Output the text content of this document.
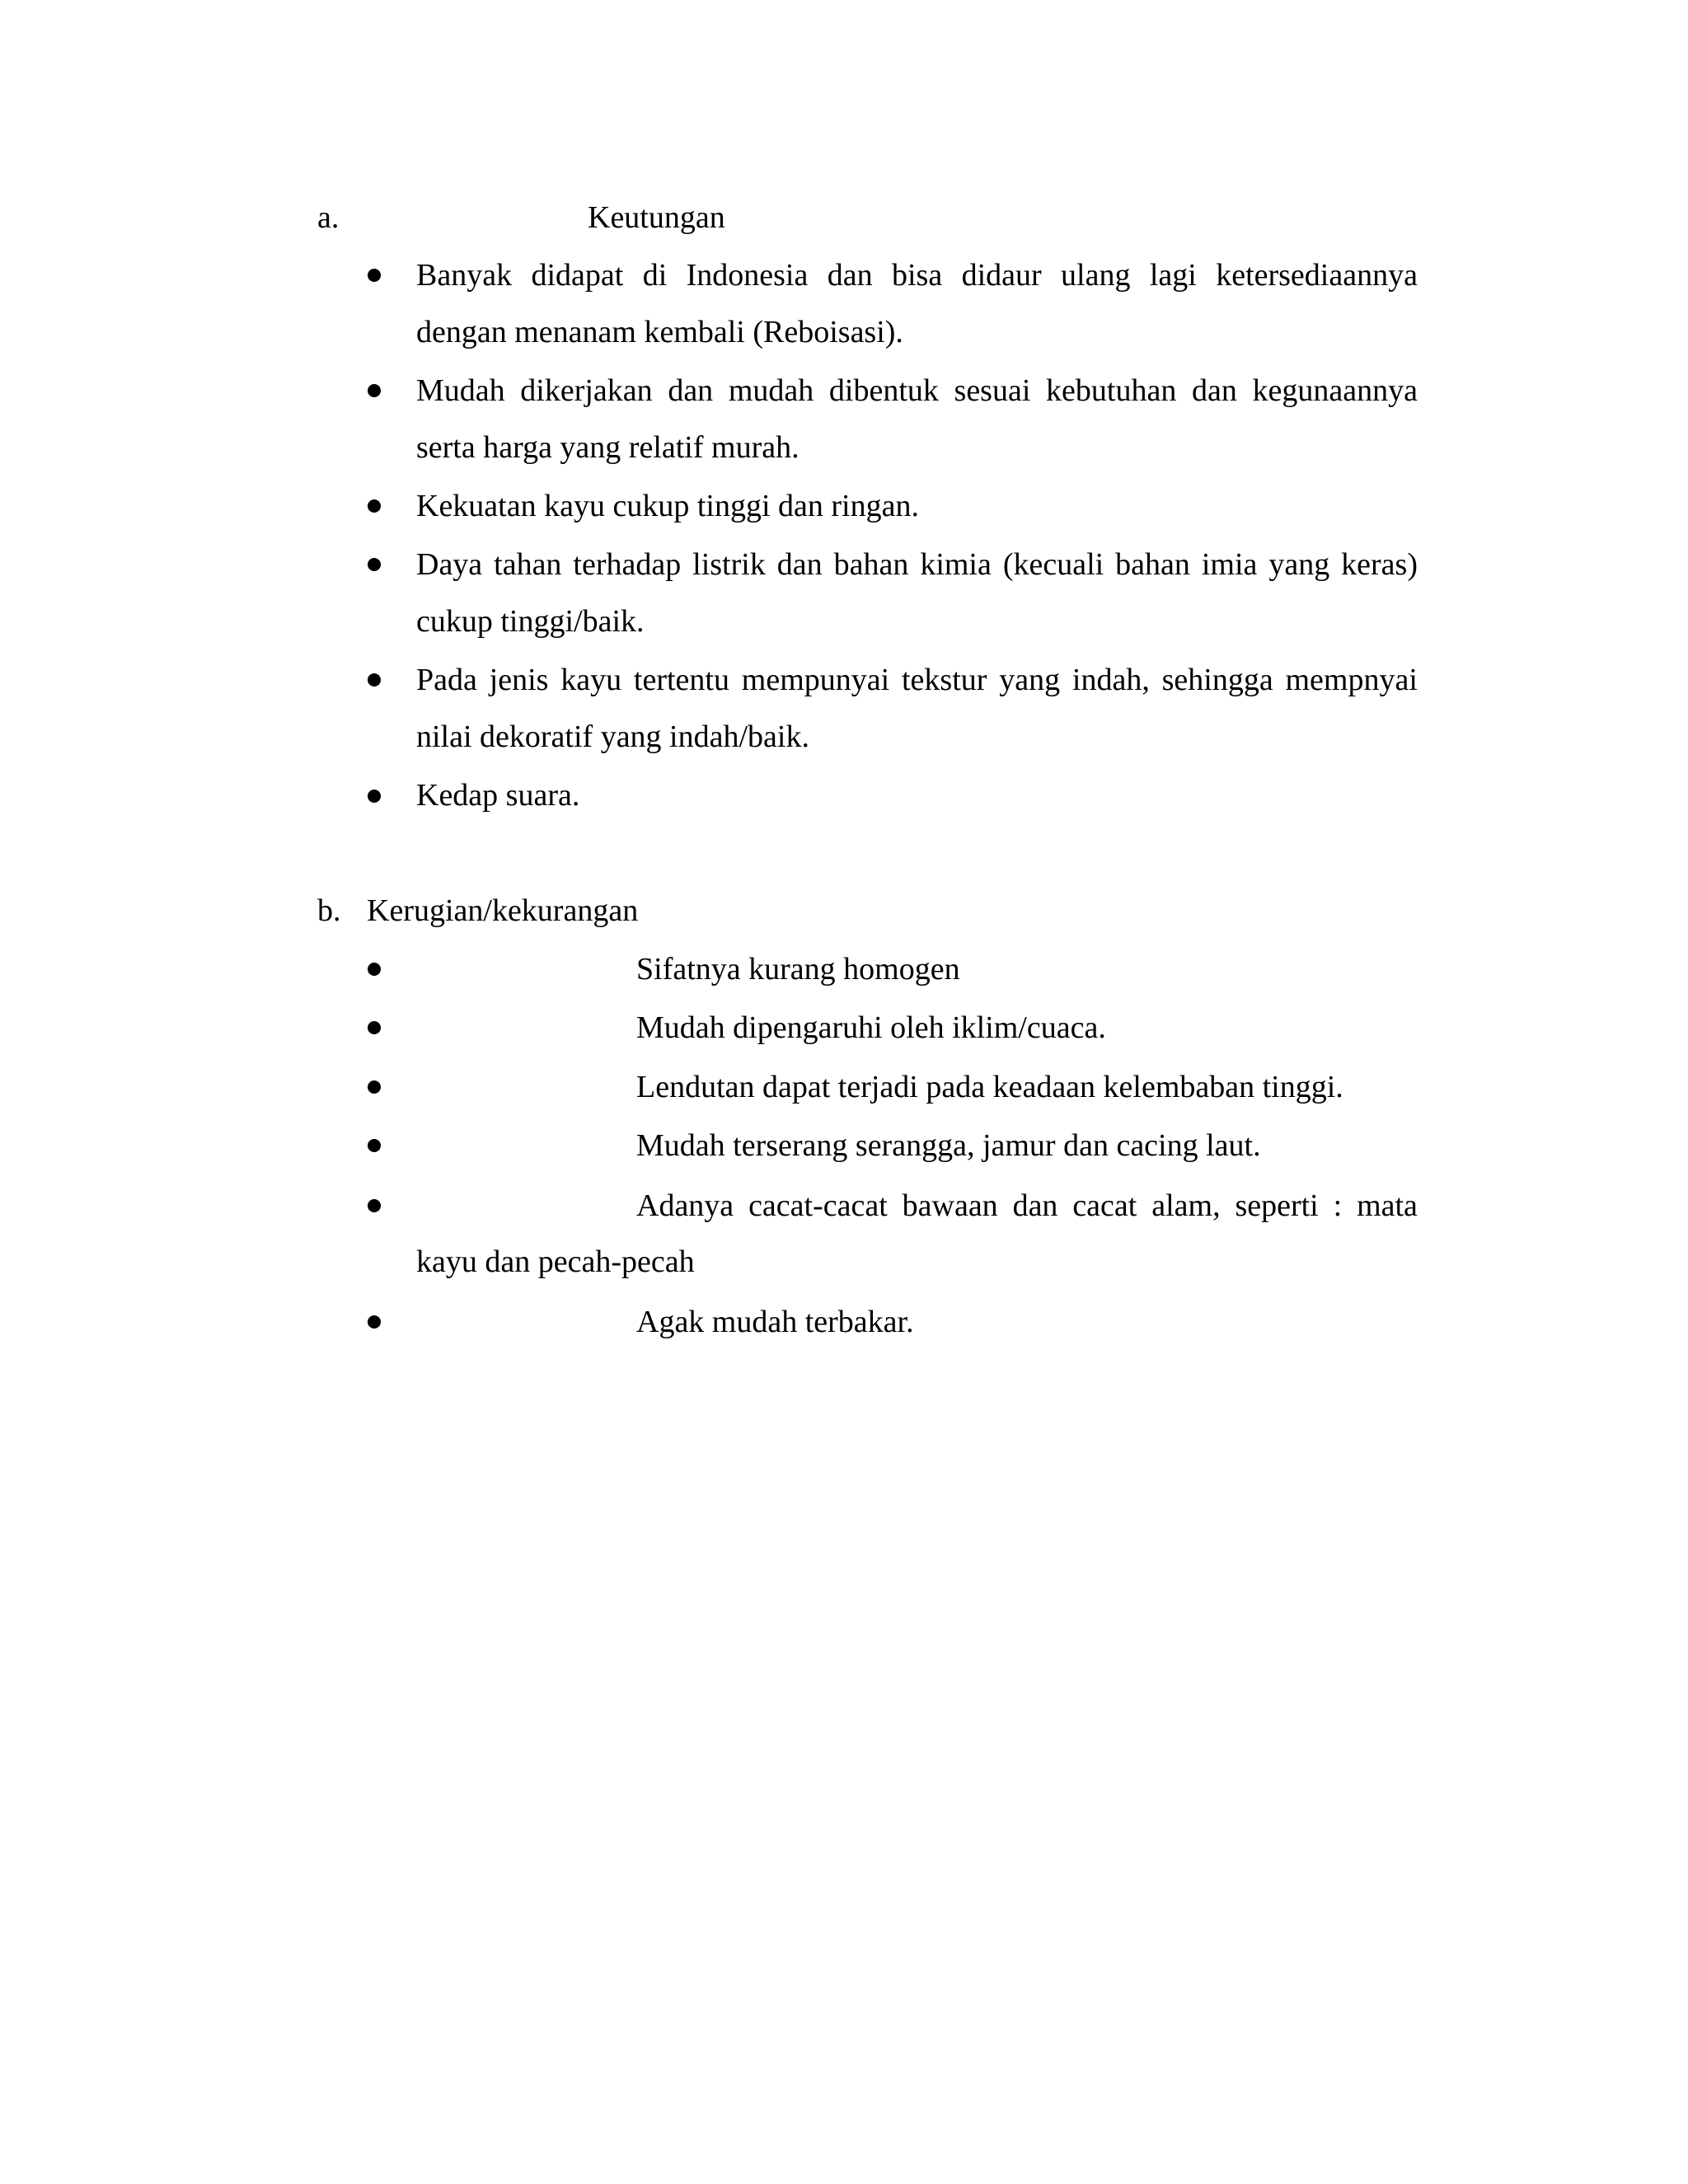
a.	Keutungan
Banyak didapat di Indonesia dan bisa didaur ulang lagi ketersediaannya
dengan menanam kembali (Reboisasi).
Mudah dikerjakan dan mudah dibentuk sesuai kebutuhan dan kegunaannya
serta harga yang relatif murah.
Kekuatan kayu cukup tinggi dan ringan.
Daya tahan terhadap listrik dan bahan kimia (kecuali bahan imia yang keras)
cukup tinggi/baik.
Pada jenis kayu tertentu mempunyai tekstur yang indah, sehingga mempnyai
nilai dekoratif yang indah/baik.
Kedap suara.
b. Kerugian/kekurangan
Sifatnya kurang homogen
Mudah dipengaruhi oleh iklim/cuaca.
Lendutan dapat terjadi pada keadaan kelembaban tinggi.
Mudah terserang serangga, jamur dan cacing laut.
Adanya cacat-cacat bawaan dan cacat alam, seperti : mata
kayu dan pecah-pecah
Agak mudah terbakar.
